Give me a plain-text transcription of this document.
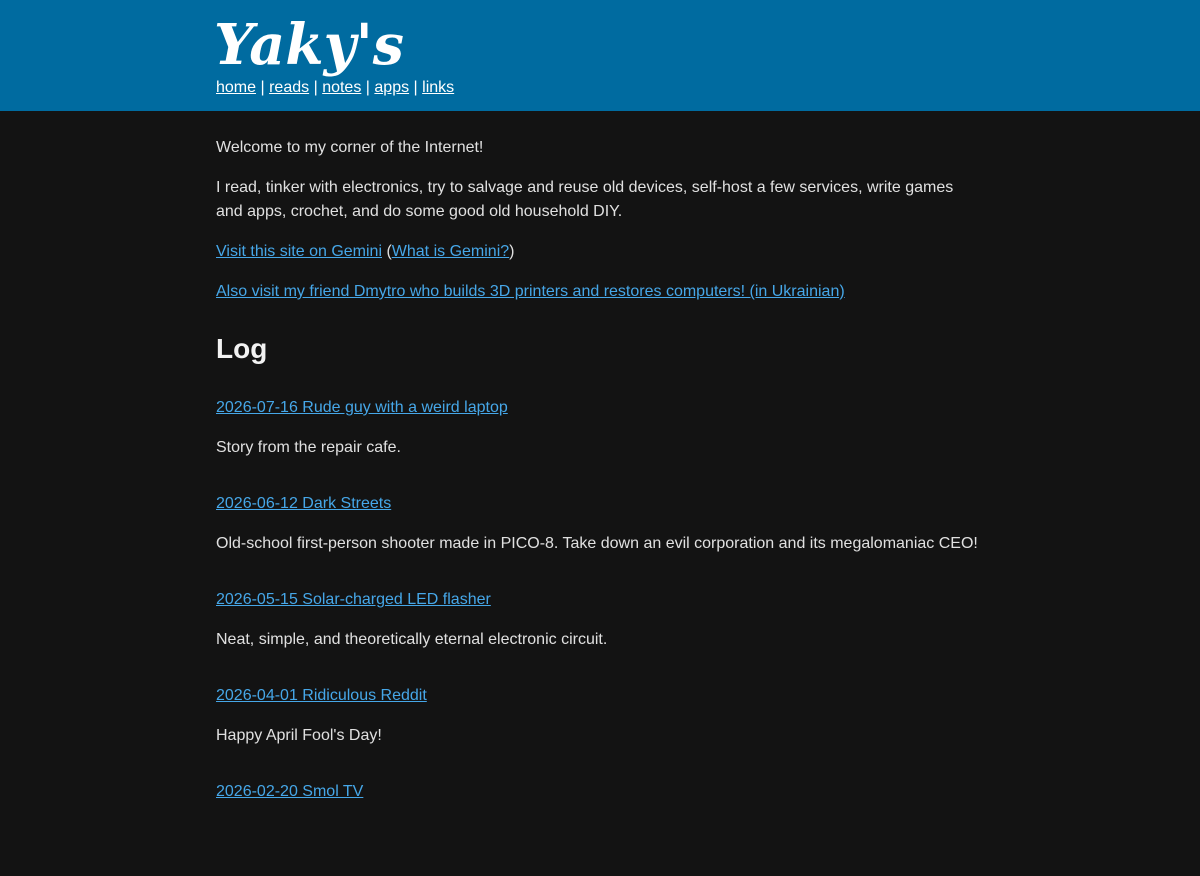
Yaky's
home | reads | notes | apps | links

Welcome to my corner of the Internet!

I read, tinker with electronics, try to salvage and reuse old devices, self-host a few services, write games and apps, crochet, and do some good old household DIY.

Visit this site on Gemini (What is Gemini?)

Also visit my friend Dmytro who builds 3D printers and restores computers! (in Ukrainian)

Log
2026-07-16 Rude guy with a weird laptop

Story from the repair cafe.

2026-06-12 Dark Streets

Old-school first-person shooter made in PICO-8. Take down an evil corporation and its megalomaniac CEO!

2026-05-15 Solar-charged LED flasher

Neat, simple, and theoretically eternal electronic circuit.

2026-04-01 Ridiculous Reddit

Happy April Fool's Day!

2026-02-20 Smol TV
